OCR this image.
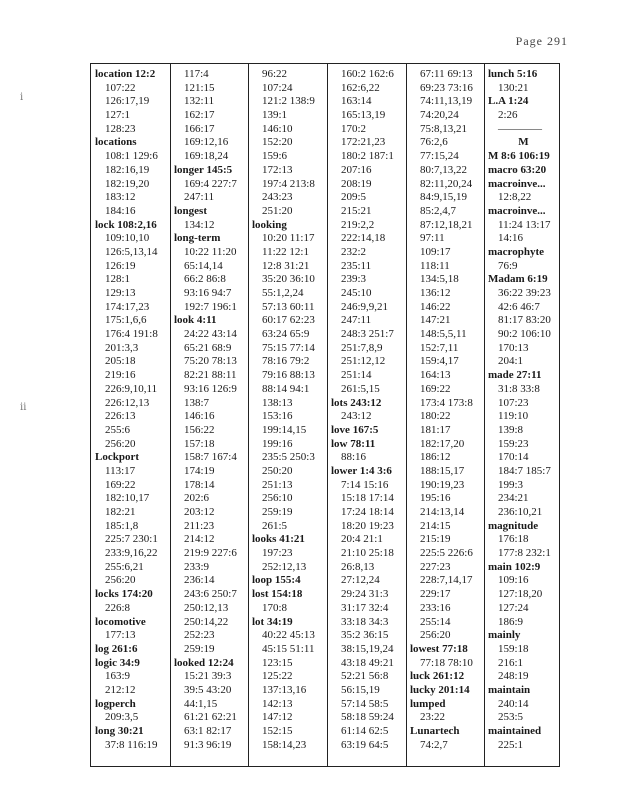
Page 291
ⅰ
ⅱ
location 12:2
107:22
126:17,19
127:1
128:23
locations
108:1 129:6
182:16,19
182:19,20
183:12
184:16
lock 108:2,16
109:10,10
126:5,13,14
126:19
128:1
129:13
174:17,23
175:1,6,6
176:4 191:8
201:3,3
205:18
219:16
226:9,10,11
226:12,13
226:13
255:6
256:20
Lockport
113:17
169:22
182:10,17
182:21
185:1,8
225:7 230:1
233:9,16,22
255:6,21
256:20
locks 174:20
226:8
locomotive
177:13
log 261:6
logic 34:9
163:9
212:12
logperch
209:3,5
long 30:21
37:8 116:19
117:4
121:15
132:11
162:17
166:17
169:12,16
169:18,24
longer 145:5
169:4 227:7
247:11
longest
134:12
long-term
10:22 11:20
65:14,14
66:2 86:8
93:16 94:7
192:7 196:1
look 4:11
24:22 43:14
65:21 68:9
75:20 78:13
82:21 88:11
93:16 126:9
138:7
146:16
156:22
157:18
158:7 167:4
174:19
178:14
202:6
203:12
211:23
214:12
219:9 227:6
233:9
236:14
243:6 250:7
250:12,13
250:14,22
252:23
259:19
looked 12:24
15:21 39:3
39:5 43:20
44:1,15
61:21 62:21
63:1 82:17
91:3 96:19
96:22
107:24
121:2 138:9
139:1
146:10
152:20
159:6
172:13
197:4 213:8
243:23
251:20
looking
10:20 11:17
11:22 12:1
12:8 31:21
35:20 36:10
55:1,2,24
57:13 60:11
60:17 62:23
63:24 65:9
75:15 77:14
78:16 79:2
79:16 88:13
88:14 94:1
138:13
153:16
199:14,15
199:16
235:5 250:3
250:20
251:13
256:10
259:19
261:5
looks 41:21
197:23
252:12,13
loop 155:4
lost 154:18
170:8
lot 34:19
40:22 45:13
45:15 51:11
123:15
125:22
137:13,16
142:13
147:12
152:15
158:14,23
160:2 162:6
162:6,22
163:14
165:13,19
170:2
172:21,23
180:2 187:1
207:16
208:19
209:5
215:21
219:2,2
222:14,18
232:2
235:11
239:3
245:10
246:9,9,21
247:11
248:3 251:7
251:7,8,9
251:12,12
251:14
261:5,15
lots 243:12
243:12
love 167:5
low 78:11
88:16
lower 1:4 3:6
7:14 15:16
15:18 17:14
17:24 18:14
18:20 19:23
20:4 21:1
21:10 25:18
26:8,13
27:12,24
29:24 31:3
31:17 32:4
33:18 34:3
35:2 36:15
38:15,19,24
43:18 49:21
52:21 56:8
56:15,19
57:14 58:5
58:18 59:24
61:14 62:5
63:19 64:5
67:11 69:13
69:23 73:16
74:11,13,19
74:20,24
75:8,13,21
76:2,6
77:15,24
80:7,13,22
82:11,20,24
84:9,15,19
85:2,4,7
87:12,18,21
97:11
109:17
118:11
134:5,18
136:12
146:22
147:21
148:5,5,11
152:7,11
159:4,17
164:13
169:22
173:4 173:8
180:22
181:17
182:17,20
186:12
188:15,17
190:19,23
195:16
214:13,14
214:15
215:19
225:5 226:6
227:23
228:7,14,17
229:17
233:16
255:14
256:20
lowest 77:18
77:18 78:10
luck 261:12
lucky 201:14
lumped
23:22
Lunartech
74:2,7
lunch 5:16
130:21
L.A 1:24
2:26
————
M
M 8:6 106:19
macro 63:20
macroinve...
12:8,22
macroinve...
11:24 13:17
14:16
macrophyte
76:9
Madam 6:19
36:22 39:23
42:6 46:7
81:17 83:20
90:2 106:10
170:13
204:1
made 27:11
31:8 33:8
107:23
119:10
139:8
159:23
170:14
184:7 185:7
199:3
234:21
236:10,21
magnitude
176:18
177:8 232:1
main 102:9
109:16
127:18,20
127:24
186:9
mainly
159:18
216:1
248:19
maintain
240:14
253:5
maintained
225:1
